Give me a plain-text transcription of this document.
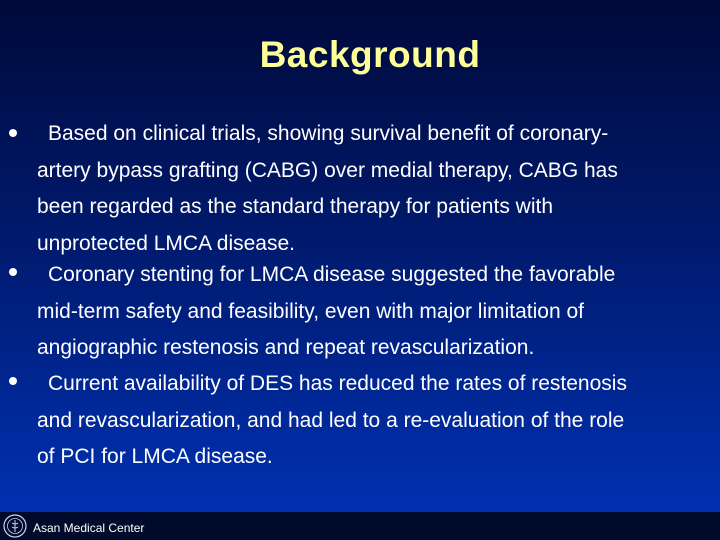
Background
Based on clinical trials, showing survival benefit of coronary-
artery bypass grafting (CABG) over medial therapy, CABG has
been regarded as the standard therapy for patients with
unprotected LMCA disease.
Coronary stenting for LMCA disease suggested the favorable
mid-term safety and feasibility, even with major limitation of
angiographic restenosis and repeat revascularization.
Current availability of DES has reduced the rates of restenosis
and revascularization, and had led to a re-evaluation of the role
of PCI for LMCA disease.
Asan Medical Center
